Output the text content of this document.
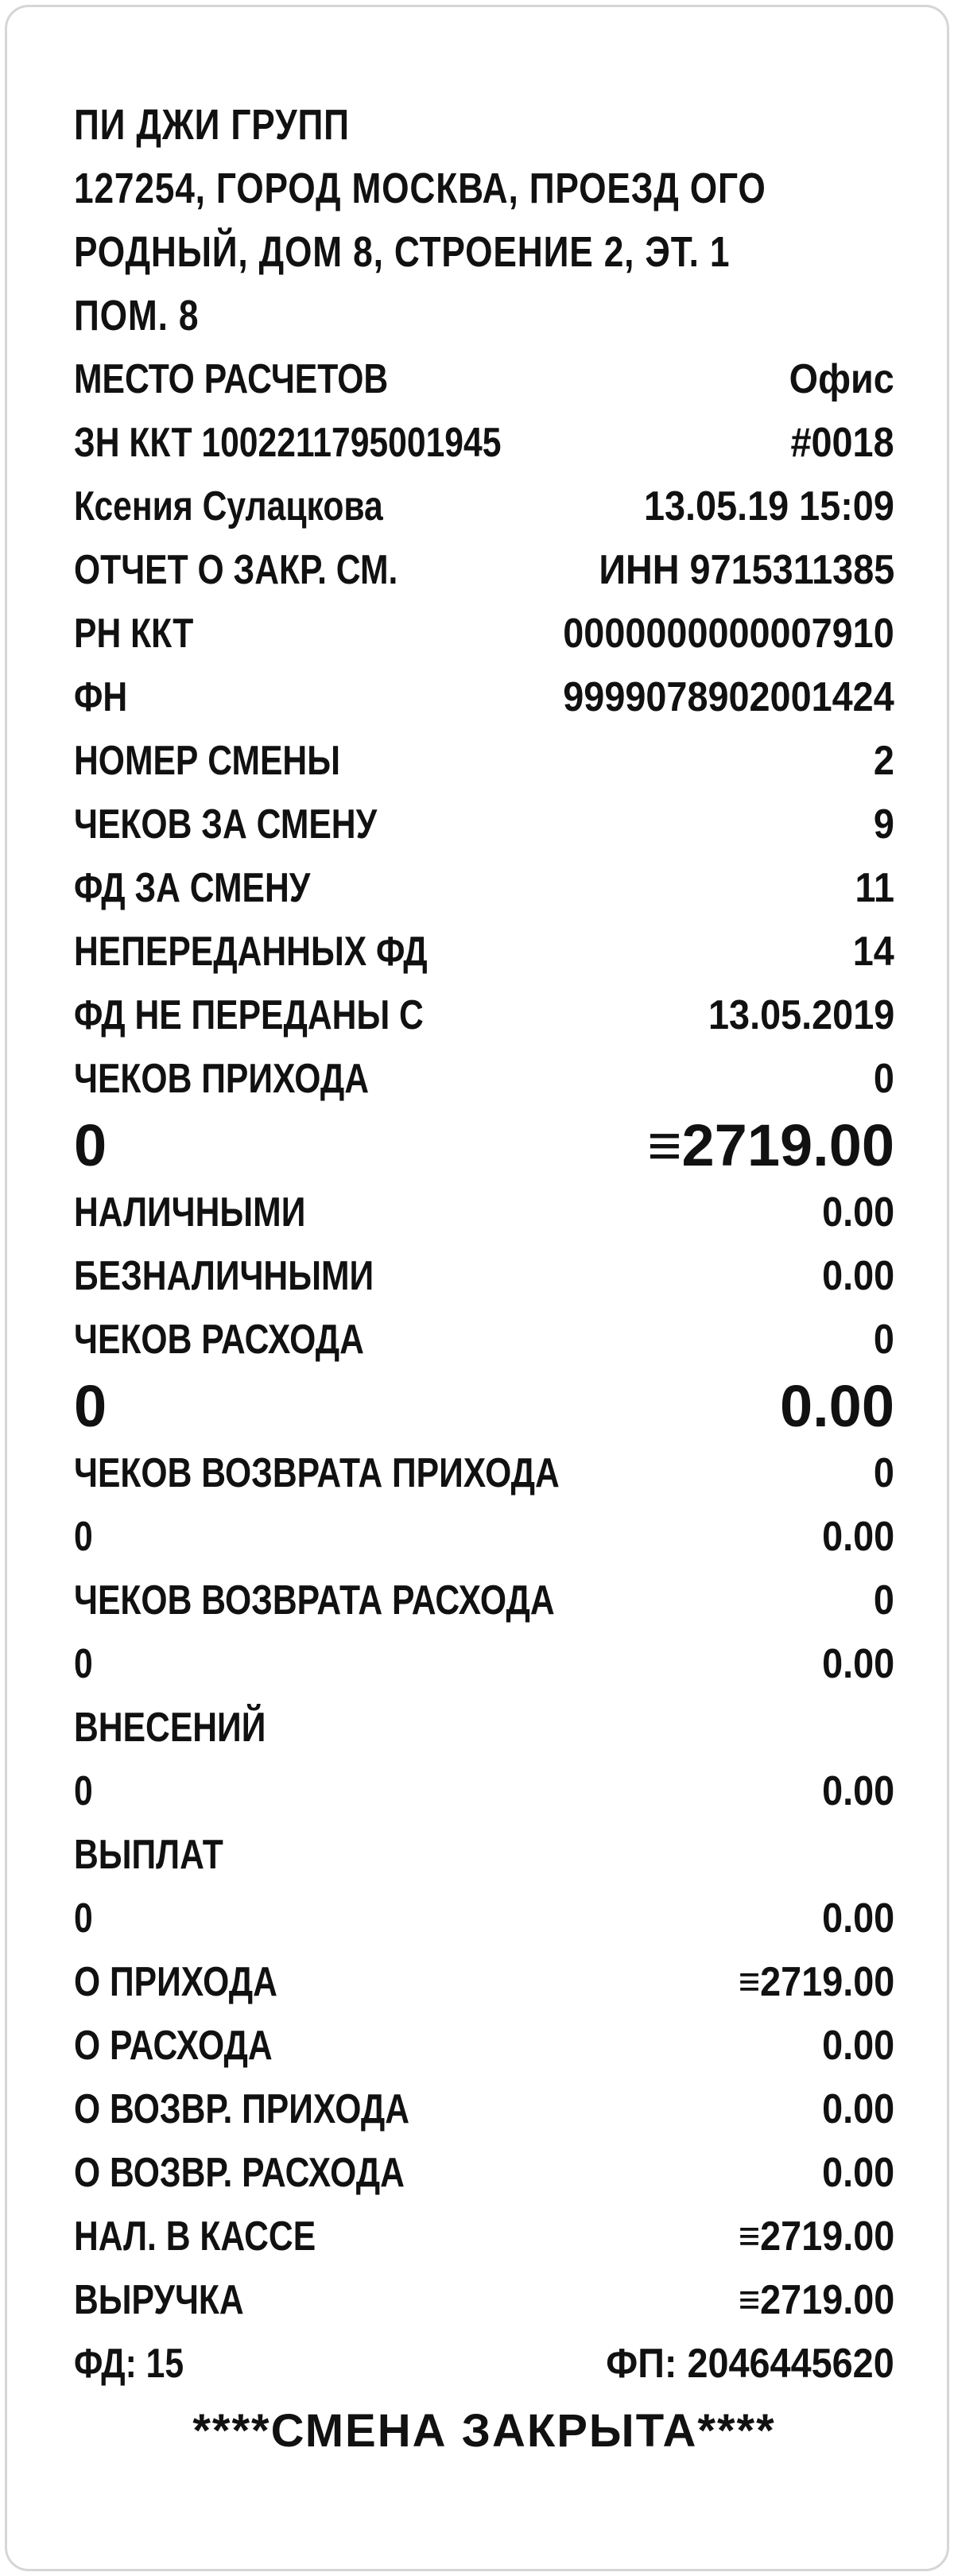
ПИ ДЖИ ГРУПП
127254, ГОРОД МОСКВА, ПРОЕЗД ОГО
РОДНЫЙ, ДОМ 8, СТРОЕНИЕ 2, ЭТ. 1
ПОМ. 8
МЕСТО РАСЧЕТОВ	Офис
ЗН ККТ 1002211795001945	#0018
Ксения Сулацкова	13.05.19 15:09
ОТЧЕТ О ЗАКР. СМ.	ИНН 9715311385
РН ККТ	0000000000007910
ФН	9999078902001424
НОМЕР СМЕНЫ	2
ЧЕКОВ ЗА СМЕНУ	9
ФД ЗА СМЕНУ	11
НЕПЕРЕДАННЫХ ФД	14
ФД НЕ ПЕРЕДАНЫ С	13.05.2019
ЧЕКОВ ПРИХОДА	0
0	≡2719.00
НАЛИЧНЫМИ	0.00
БЕЗНАЛИЧНЫМИ	0.00
ЧЕКОВ РАСХОДА	0
0	0.00
ЧЕКОВ ВОЗВРАТА ПРИХОДА	0
0	0.00
ЧЕКОВ ВОЗВРАТА РАСХОДА	0
0	0.00
ВНЕСЕНИЙ
0	0.00
ВЫПЛАТ
0	0.00
О ПРИХОДА	≡2719.00
О РАСХОДА	0.00
О ВОЗВР. ПРИХОДА	0.00
О ВОЗВР. РАСХОДА	0.00
НАЛ. В КАССЕ	≡2719.00
ВЫРУЧКА	≡2719.00
ФД: 15	ФП: 2046445620
****СМЕНА ЗАКРЫТА****
